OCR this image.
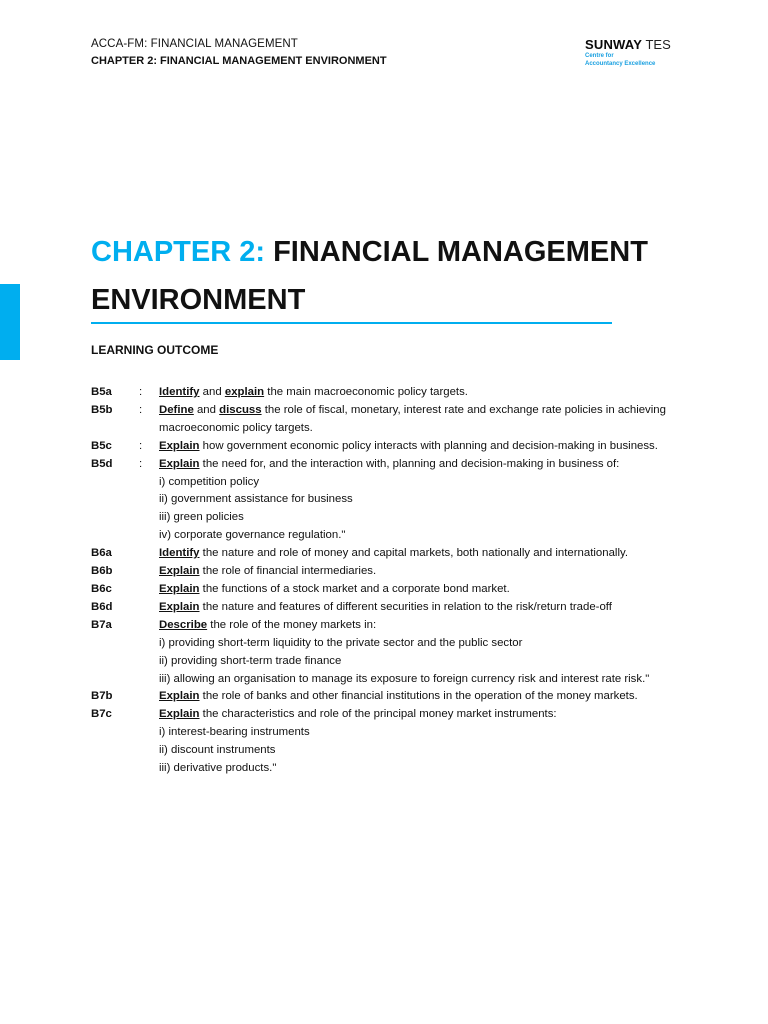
ACCA-FM: FINANCIAL MANAGEMENT
CHAPTER 2: FINANCIAL MANAGEMENT ENVIRONMENT
SUNWAY TES
Centre for
Accountancy Excellence
CHAPTER 2: FINANCIAL MANAGEMENT ENVIRONMENT
LEARNING OUTCOME
B5a	:	Identify and explain the main macroeconomic policy targets.
B5b	:	Define and discuss the role of fiscal, monetary, interest rate and exchange rate policies in achieving macroeconomic policy targets.
B5c	:	Explain how government economic policy interacts with planning and decision-making in business.
B5d	:	Explain the need for, and the interaction with, planning and decision-making in business of:
i) competition policy
ii) government assistance for business
iii) green policies
iv) corporate governance regulation."
B6a	Identify the nature and role of money and capital markets, both nationally and internationally.
B6b	Explain the role of financial intermediaries.
B6c	Explain the functions of a stock market and a corporate bond market.
B6d	Explain the nature and features of different securities in relation to the risk/return trade-off
B7a	Describe the role of the money markets in:
i) providing short-term liquidity to the private sector and the public sector
ii) providing short-term trade finance
iii) allowing an organisation to manage its exposure to foreign currency risk and interest rate risk."
B7b	Explain the role of banks and other financial institutions in the operation of the money markets.
B7c	Explain the characteristics and role of the principal money market instruments:
i) interest-bearing instruments
ii) discount instruments
iii) derivative products."
